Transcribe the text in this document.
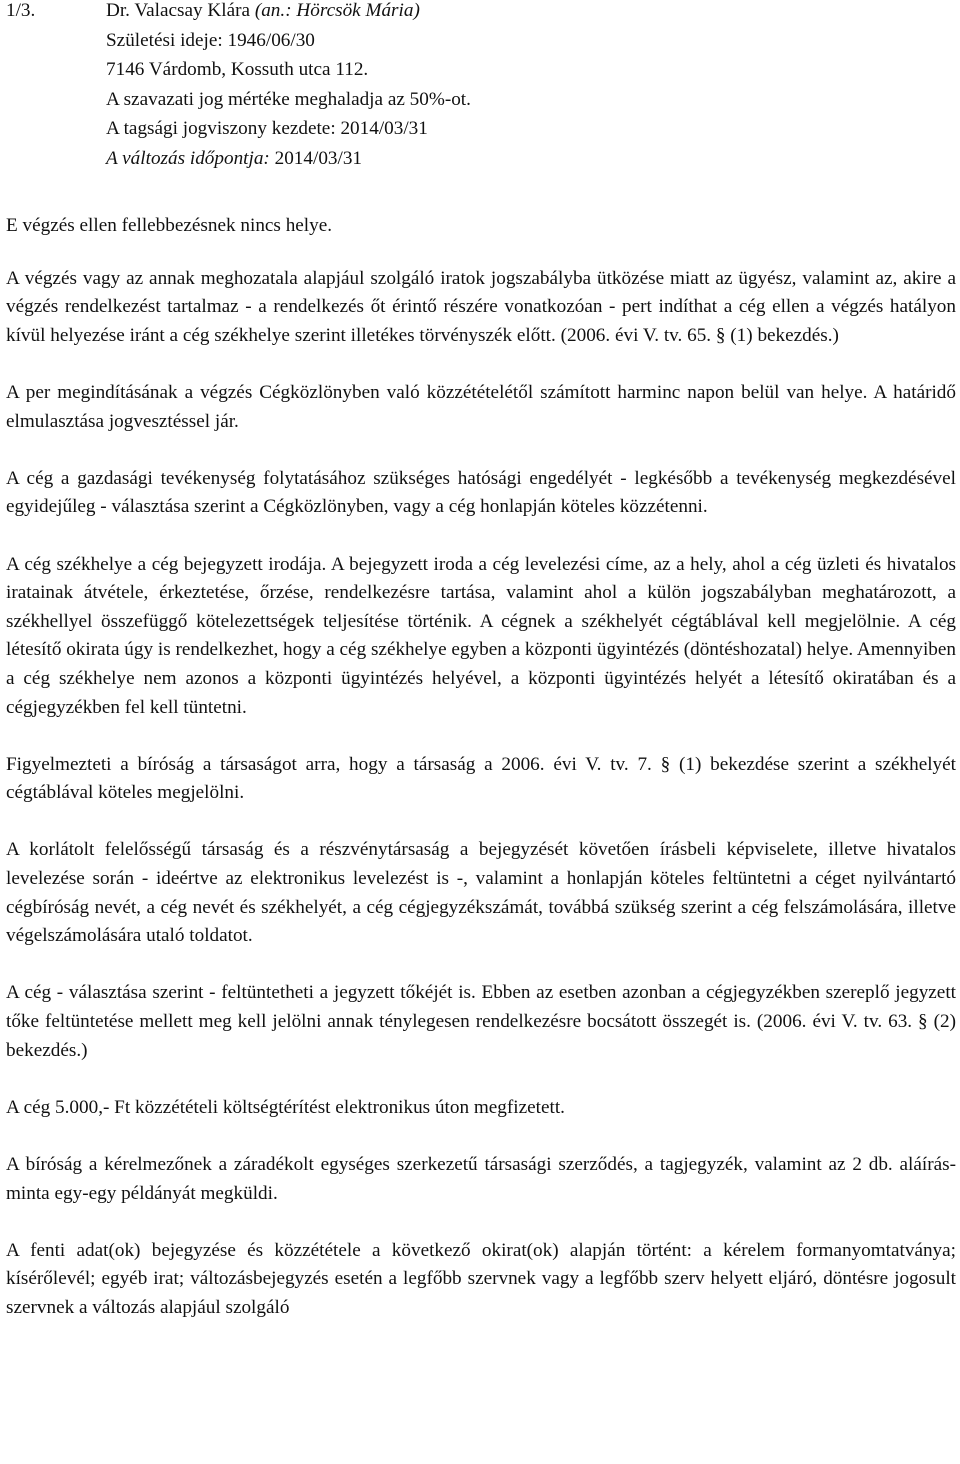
1/3.	Dr. Valacsay Klára (an.: Hörcsök Mária)
Születési ideje: 1946/06/30
7146 Várdomb, Kossuth utca 112.
A szavazati jog mértéke meghaladja az 50%-ot.
A tagsági jogviszony kezdete: 2014/03/31
A változás időpontja: 2014/03/31

E végzés ellen fellebbezésnek nincs helye.

A végzés vagy az annak meghozatala alapjául szolgáló iratok jogszabályba ütközése miatt az ügyész, valamint az, akire a végzés rendelkezést tartalmaz - a rendelkezés őt érintő részére vonatkozóan - pert indíthat a cég ellen a végzés hatályon kívül helyezése iránt a cég székhelye szerint illetékes törvényszék előtt. (2006. évi V. tv. 65. § (1) bekezdés.)

A per megindításának a végzés Cégközlönyben való közzétételétől számított harminc napon belül van helye. A határidő elmulasztása jogvesztéssel jár.

A cég a gazdasági tevékenység folytatásához szükséges hatósági engedélyét - legkésőbb a tevékenység megkezdésével egyidejűleg - választása szerint a Cégközlönyben, vagy a cég honlapján köteles közzétenni.

A cég székhelye a cég bejegyzett irodája. A bejegyzett iroda a cég levelezési címe, az a hely, ahol a cég üzleti és hivatalos iratainak átvétele, érkeztetése, őrzése, rendelkezésre tartása, valamint ahol a külön jogszabályban meghatározott, a székhellyel összefüggő kötelezettségek teljesítése történik. A cégnek a székhelyét cégtáblával kell megjelölnie. A cég létesítő okirata úgy is rendelkezhet, hogy a cég székhelye egyben a központi ügyintézés (döntéshozatal) helye. Amennyiben a cég székhelye nem azonos a központi ügyintézés helyével, a központi ügyintézés helyét a létesítő okiratában és a cégjegyzékben fel kell tüntetni.

Figyelmezteti a bíróság a társaságot arra, hogy a társaság a 2006. évi V. tv. 7. § (1) bekezdése szerint a székhelyét cégtáblával köteles megjelölni.

A korlátolt felelősségű társaság és a részvénytársaság a bejegyzését követően írásbeli képviselete, illetve hivatalos levelezése során - ideértve az elektronikus levelezést is -, valamint a honlapján köteles feltüntetni a céget nyilvántartó cégbíróság nevét, a cég nevét és székhelyét, a cég cégjegyzékszámát, továbbá szükség szerint a cég felszámolására, illetve végelszámolására utaló toldatot.

A cég - választása szerint - feltüntetheti a jegyzett tőkéjét is. Ebben az esetben azonban a cégjegyzékben szereplő jegyzett tőke feltüntetése mellett meg kell jelölni annak ténylegesen rendelkezésre bocsátott összegét is. (2006. évi V. tv. 63. § (2) bekezdés.)

A cég 5.000,- Ft közzétételi költségtérítést elektronikus úton megfizetett.

A bíróság a kérelmezőnek a záradékolt egységes szerkezetű társasági szerződés, a tagjegyzék, valamint az 2 db. aláírás-minta egy-egy példányát megküldi.

A fenti adat(ok) bejegyzése és közzététele a következő okirat(ok) alapján történt: a kérelem formanyomtatványa; kísérőlevél; egyéb irat; változásbejegyzés esetén a legfőbb szervnek vagy a legfőbb szerv helyett eljáró, döntésre jogosult szervnek a változás alapjául szolgáló
